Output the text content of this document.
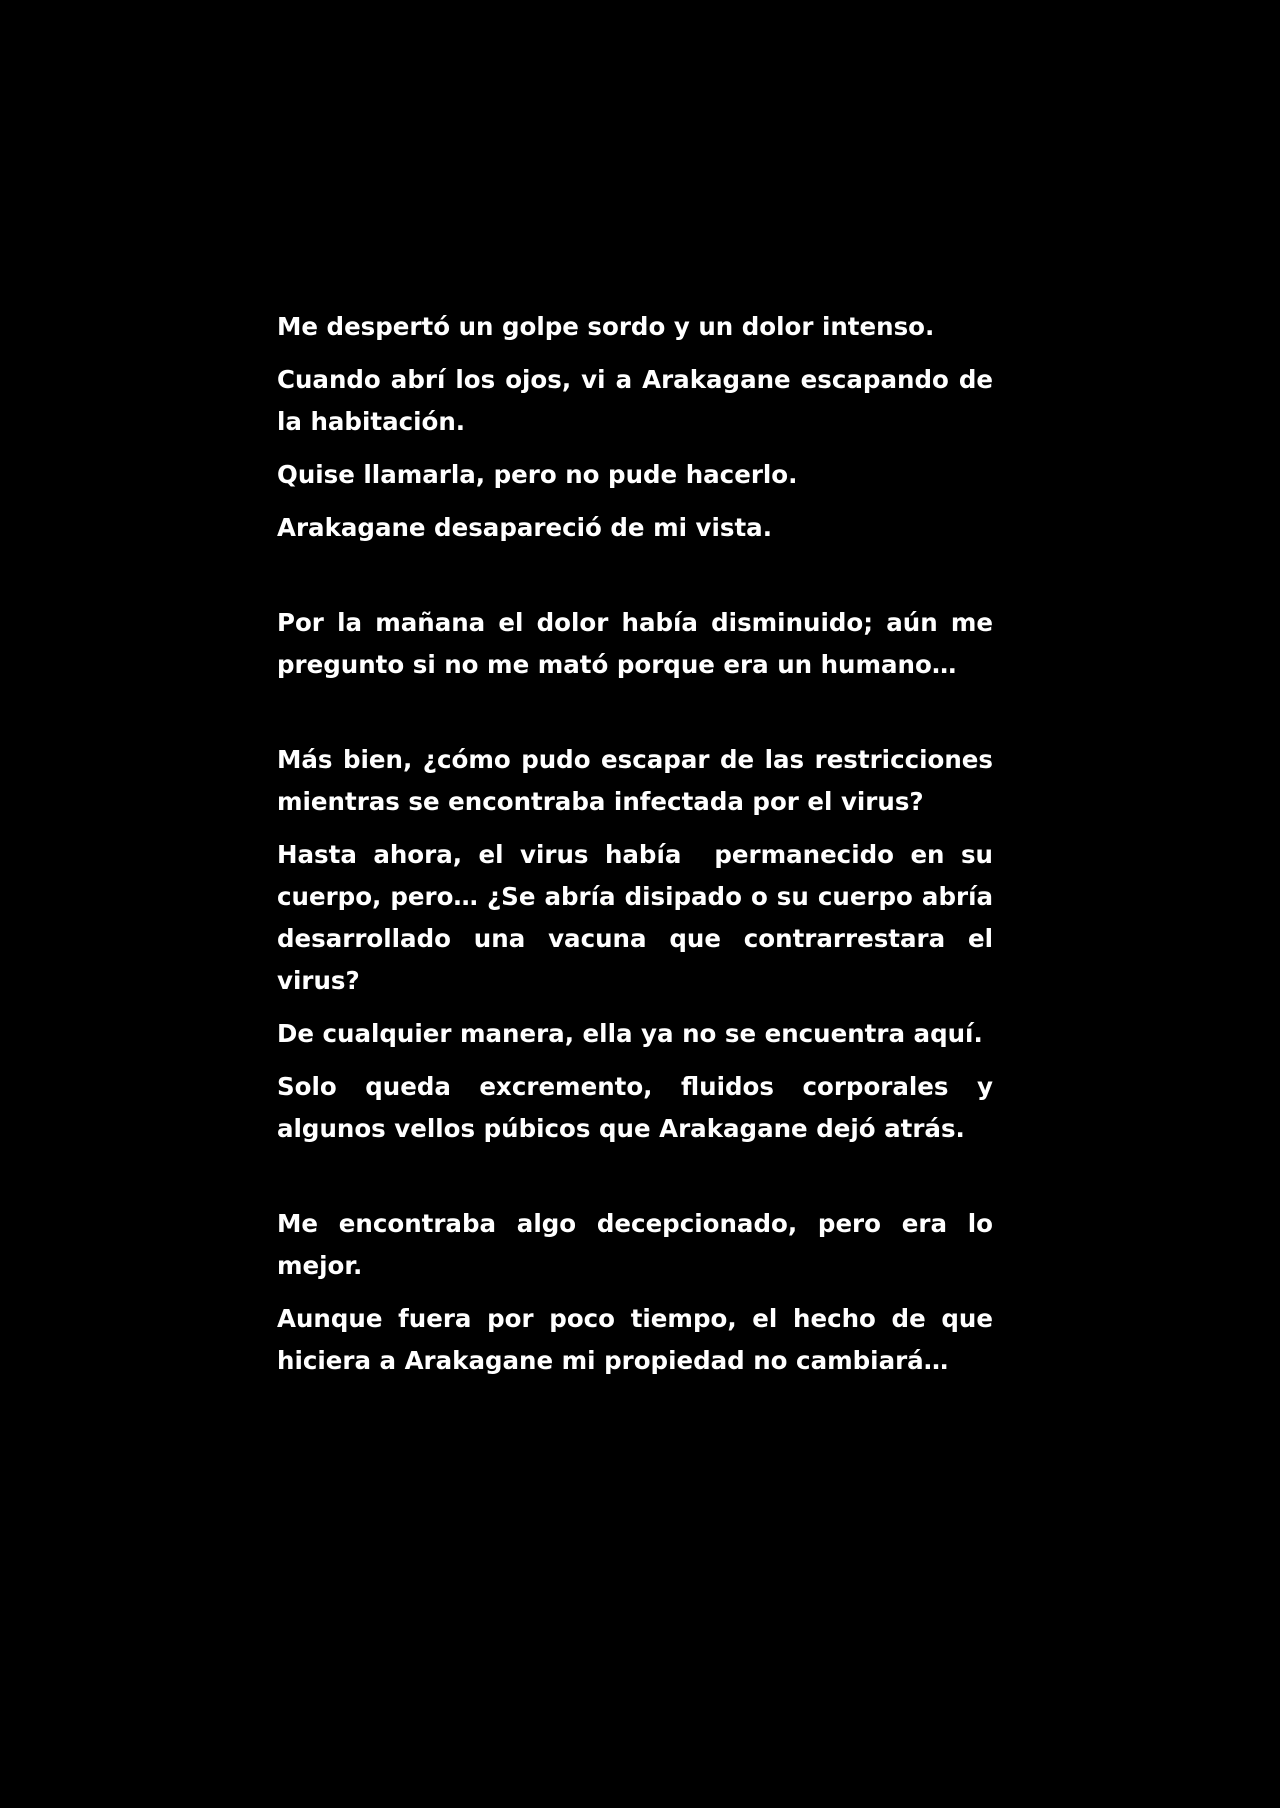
Me despertó un golpe sordo y un dolor intenso.

Cuando abrí los ojos, vi a Arakagane escapando de la habitación.

Quise llamarla, pero no pude hacerlo.

Arakagane desapareció de mi vista.

Por la mañana el dolor había disminuido; aún me pregunto si no me mató porque era un humano…

Más bien, ¿cómo pudo escapar de las restricciones mientras se encontraba infectada por el virus?

Hasta ahora, el virus había  permanecido en su cuerpo, pero… ¿Se abría disipado o su cuerpo abría desarrollado una vacuna que contrarrestara el virus?

De cualquier manera, ella ya no se encuentra aquí.

Solo queda excremento, fluidos corporales y algunos vellos púbicos que Arakagane dejó atrás.

Me encontraba algo decepcionado, pero era lo mejor.

Aunque fuera por poco tiempo, el hecho de que hiciera a Arakagane mi propiedad no cambiará…
